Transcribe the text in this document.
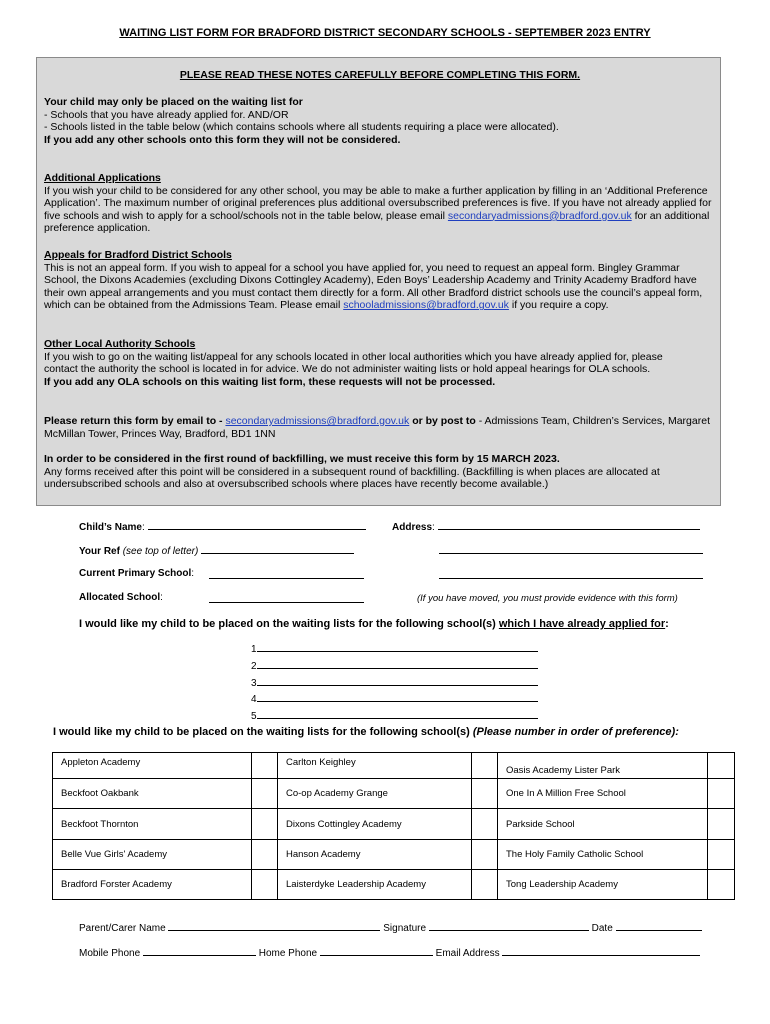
WAITING LIST FORM FOR BRADFORD DISTRICT SECONDARY SCHOOLS - SEPTEMBER 2023 ENTRY
PLEASE READ THESE NOTES CAREFULLY BEFORE COMPLETING THIS FORM.
Your child may only be placed on the waiting list for
- Schools that you have already applied for. AND/OR
- Schools listed in the table below (which contains schools where all students requiring a place were allocated).
If you add any other schools onto this form they will not be considered.
Additional Applications
If you wish your child to be considered for any other school, you may be able to make a further application by filling in an ‘Additional Preference Application’. The maximum number of original preferences plus additional oversubscribed preferences is five. If you have not already applied for five schools and wish to apply for a school/schools not in the table below, please email secondaryadmissions@bradford.gov.uk for an additional preference application.
Appeals for Bradford District Schools
This is not an appeal form. If you wish to appeal for a school you have applied for, you need to request an appeal form. Bingley Grammar School, the Dixons Academies (excluding Dixons Cottingley Academy), Eden Boys’ Leadership Academy and Trinity Academy Bradford have their own appeal arrangements and you must contact them directly for a form. All other Bradford district schools use the council’s appeal form, which can be obtained from the Admissions Team. Please email schooladmissions@bradford.gov.uk if you require a copy.
Other Local Authority Schools
If you wish to go on the waiting list/appeal for any schools located in other local authorities which you have already applied for, please contact the authority the school is located in for advice. We do not administer waiting lists or hold appeal hearings for OLA schools.
If you add any OLA schools on this waiting list form, these requests will not be processed.
Please return this form by email to - secondaryadmissions@bradford.gov.uk or by post to - Admissions Team, Children’s Services, Margaret McMillan Tower, Princes Way, Bradford, BD1 1NN
In order to be considered in the first round of backfilling, we must receive this form by 15 MARCH 2023.
Any forms received after this point will be considered in a subsequent round of backfilling. (Backfilling is when places are allocated at undersubscribed schools and also at oversubscribed schools where places have recently become available.)
Child’s Name:	Address:
Your Ref (see top of letter)
Current Primary School:
Allocated School:	(If you have moved, you must provide evidence with this form)
I would like my child to be placed on the waiting lists for the following school(s) which I have already applied for:
1
2
3
4
5
I would like my child to be placed on the waiting lists for the following school(s) (Please number in order of preference):
Appleton Academy		Carlton Keighley		Oasis Academy Lister Park	
Beckfoot Oakbank		Co-op Academy Grange		One In A Million Free School	
Beckfoot Thornton		Dixons Cottingley Academy		Parkside School	
Belle Vue Girls' Academy		Hanson Academy		The Holy Family Catholic School	
Bradford Forster Academy		Laisterdyke Leadership Academy		Tong Leadership Academy	
Parent/Carer Name	Signature	Date
Mobile Phone	Home Phone	Email Address
